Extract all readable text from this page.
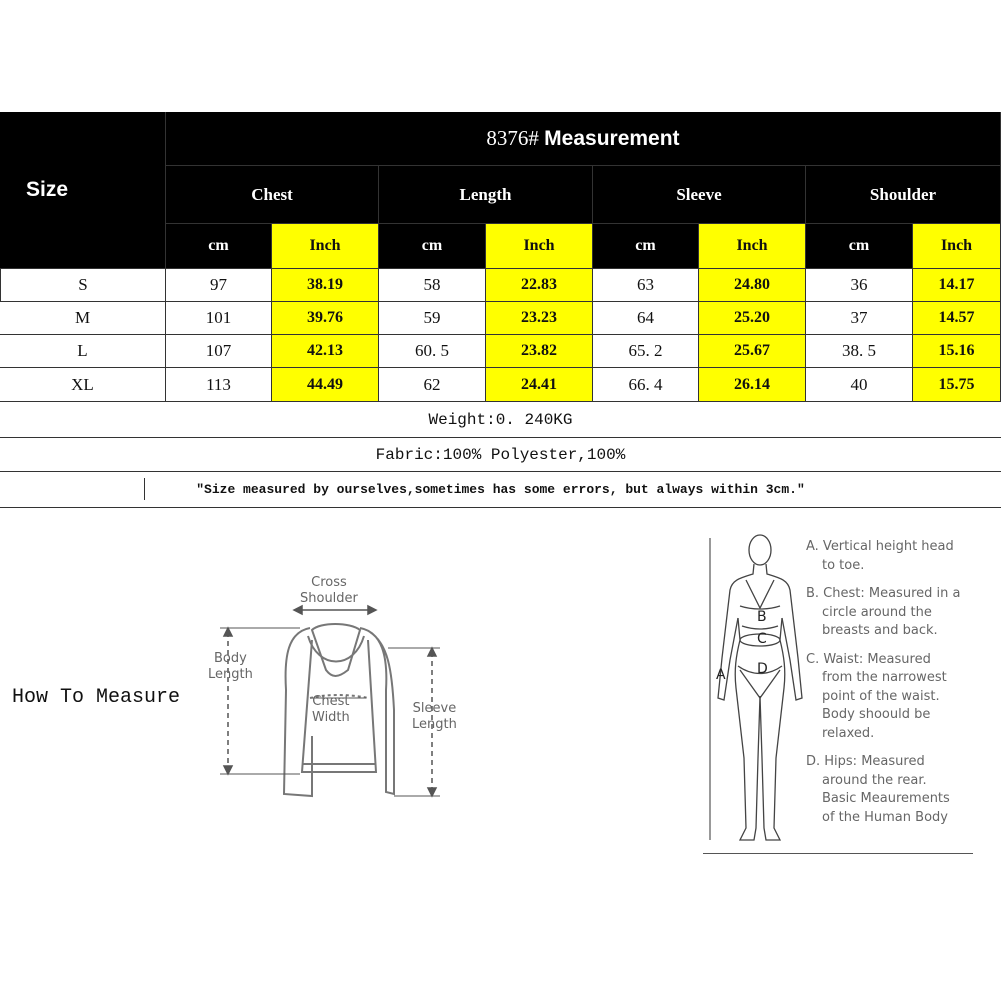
Size
8376#
Measurement
Chest	Length	Sleeve	Shoulder
cm	Inch	cm	Inch	cm	Inch	cm	Inch
S	97	38.19	58	22.83	63	24.80	36	14.17
M	101	39.76	59	23.23	64	25.20	37	14.57
L	107	42.13	60. 5	23.82	65. 2	25.67	38. 5	15.16
XL	113	44.49	62	24.41	66. 4	26.14	40	15.75
Weight:0. 240KG
Fabric:100% Polyester,100%
"Size measured by ourselves,sometimes has some errors, but always within 3cm."
How To Measure
Cross
Shoulder
Body
Length
Chest
Width
Sleeve
Length
A
B
C
D

A. Vertical height head
to toe.

B. Chest: Measured in a
circle around the
breasts and back.

C. Waist: Measured
from the narrowest
point of the waist.
Body shoould be
relaxed.

D. Hips: Measured
around the rear.
Basic Meaurements
of the Human Body
